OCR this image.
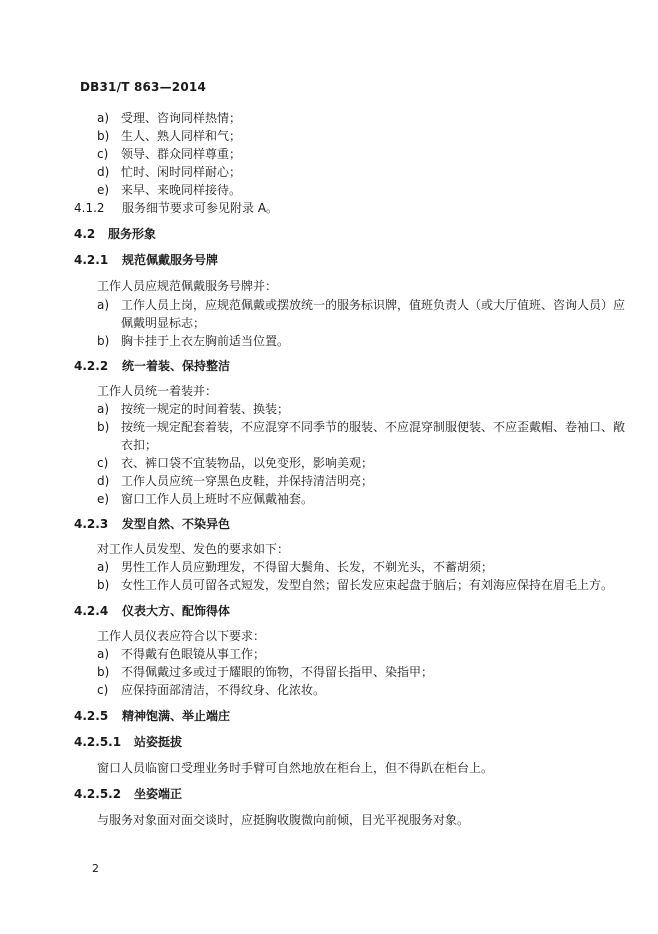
DB31/T 863—2014
a) 受理、咨询同样热情；
b) 生人、熟人同样和气；
c) 领导、群众同样尊重；
d) 忙时、闲时同样耐心；
e) 来早、来晚同样接待。
4.1.2 服务细节要求可参见附录 A。
4.2 服务形象
4.2.1 规范佩戴服务号牌
工作人员应规范佩戴服务号牌并：
a) 工作人员上岗，应规范佩戴或摆放统一的服务标识牌，值班负责人（或大厅值班、咨询人员）应
佩戴明显标志；
b) 胸卡挂于上衣左胸前适当位置。
4.2.2 统一着装、保持整洁
工作人员统一着装并：
a) 按统一规定的时间着装、换装；
b) 按统一规定配套着装，不应混穿不同季节的服装、不应混穿制服便装、不应歪戴帽、卷袖口、敞
衣扣；
c) 衣、裤口袋不宜装物品，以免变形，影响美观；
d) 工作人员应统一穿黑色皮鞋，并保持清洁明亮；
e) 窗口工作人员上班时不应佩戴袖套。
4.2.3 发型自然、不染异色
对工作人员发型、发色的要求如下：
a) 男性工作人员应勤理发，不得留大鬓角、长发，不剃光头，不蓄胡须；
b) 女性工作人员可留各式短发，发型自然；留长发应束起盘于脑后；有刘海应保持在眉毛上方。
4.2.4 仪表大方、配饰得体
工作人员仪表应符合以下要求：
a) 不得戴有色眼镜从事工作；
b) 不得佩戴过多或过于耀眼的饰物，不得留长指甲、染指甲；
c) 应保持面部清洁，不得纹身、化浓妆。
4.2.5 精神饱满、举止端庄
4.2.5.1 站姿挺拔
窗口人员临窗口受理业务时手臂可自然地放在柜台上，但不得趴在柜台上。
4.2.5.2 坐姿端正
与服务对象面对面交谈时，应挺胸收腹微向前倾，目光平视服务对象。
2
